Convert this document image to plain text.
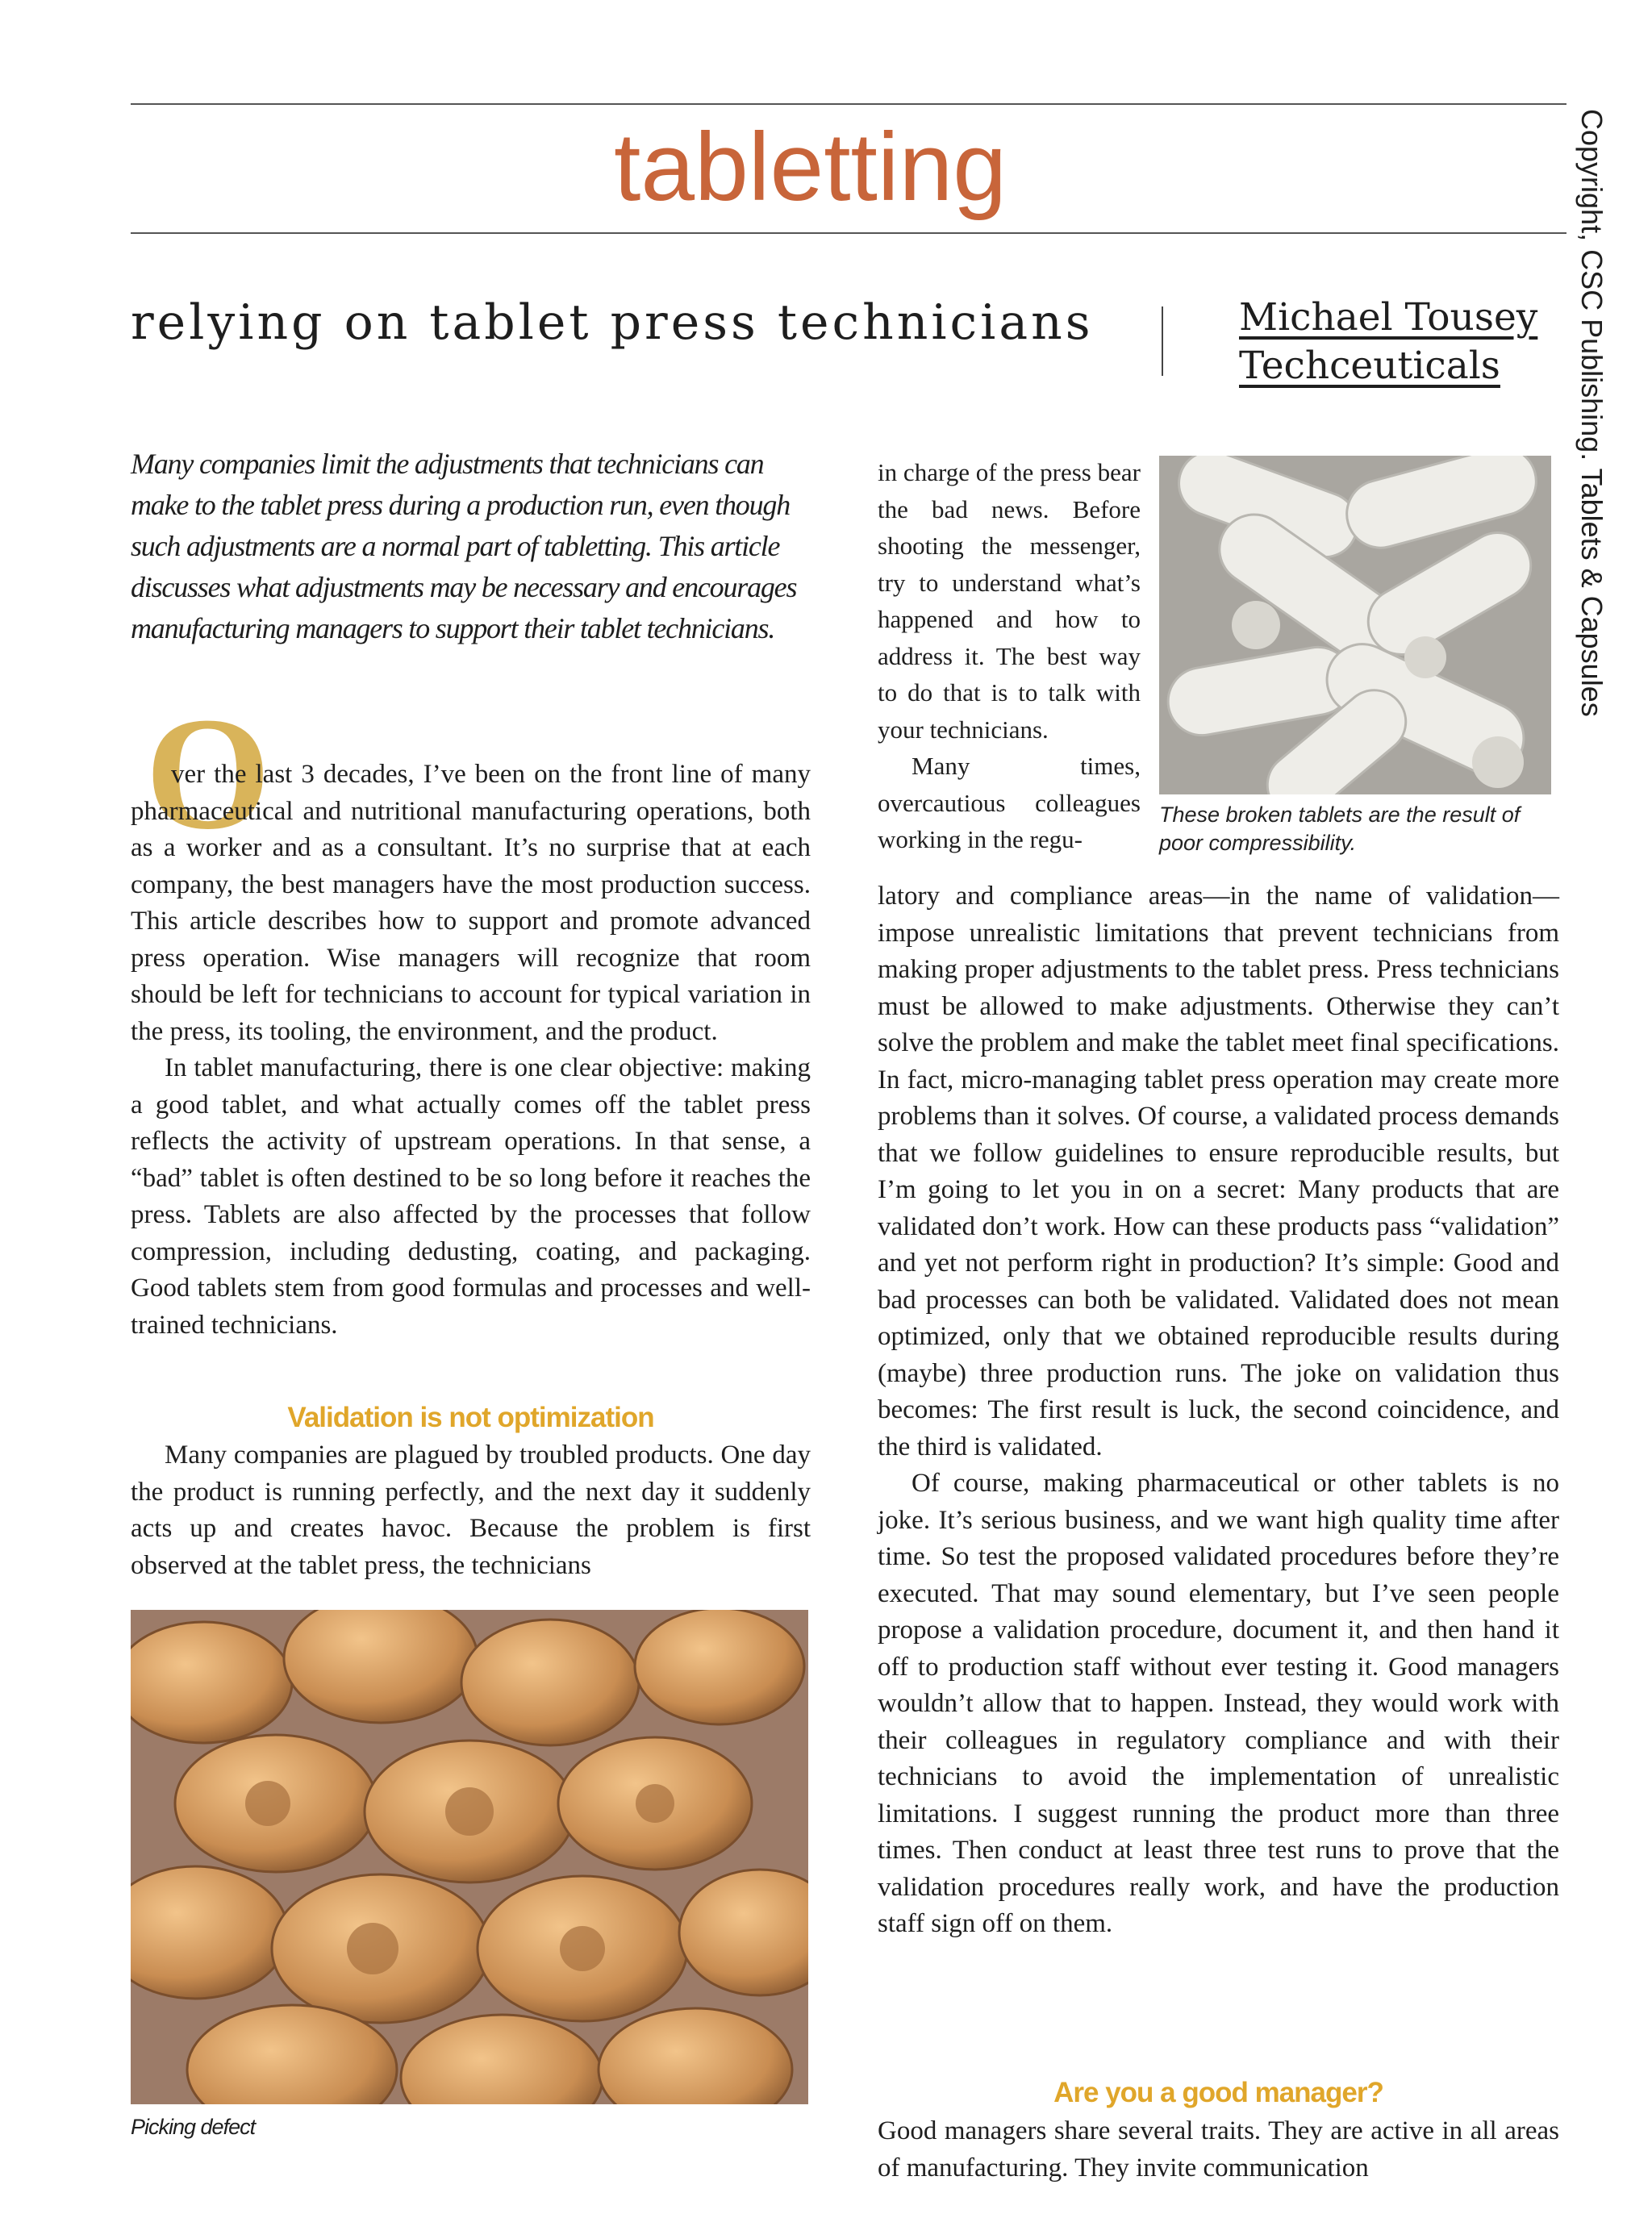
tabletting	Copyright, CSC Publishing. Tablets & Capsules
relying on tablet press technicians	Michael Tousey
Techceuticals
Many companies limit the adjustments that technicians can make to the tablet press during a production run, even though such adjustments are a normal part of tabletting. This article discusses what adjustments may be necessary and encourages manufacturing managers to support their tablet technicians.
O

ver the last 3 decades, I’ve been on the front line of many pharmaceutical and nutritional manufacturing operations, both as a worker and as a consultant. It’s no surprise that at each company, the best managers have the most production success. This article describes how to support and promote advanced press operation. Wise managers will recognize that room should be left for technicians to account for typical variation in the press, its tooling, the environment, and the product.

In tablet manufacturing, there is one clear objective: making a good tablet, and what actually comes off the tablet press reflects the activity of upstream operations. In that sense, a “bad” tablet is often destined to be so long before it reaches the press. Tablets are also affected by the processes that follow compression, including dedusting, coating, and packaging. Good tablets stem from good formulas and processes and well-trained technicians.

Validation is not optimization

Many companies are plagued by troubled products. One day the product is running perfectly, and the next day it suddenly acts up and creates havoc. Because the problem is first observed at the tablet press, the technicians

in charge of the press bear the bad news. Before shooting the messenger, try to understand what’s happened and how to address it. The best way to do that is to talk with your technicians.

Many times, overcautious colleagues working in the regu-

These broken tablets are the result of poor compressibility.

latory and compliance areas—in the name of validation—impose unrealistic limitations that prevent technicians from making proper adjustments to the tablet press. Press technicians must be allowed to make adjustments. Otherwise they can’t solve the problem and make the tablet meet final specifications. In fact, micro-managing tablet press operation may create more problems than it solves. Of course, a validated process demands that we follow guidelines to ensure reproducible results, but I’m going to let you in on a secret: Many products that are validated don’t work. How can these products pass “validation” and yet not perform right in production? It’s simple: Good and bad processes can both be validated. Validated does not mean optimized, only that we obtained reproducible results during (maybe) three production runs. The joke on validation thus becomes: The first result is luck, the second coincidence, and the third is validated.

Of course, making pharmaceutical or other tablets is no joke. It’s serious business, and we want high quality time after time. So test the proposed validated procedures before they’re executed. That may sound elementary, but I’ve seen people propose a validation procedure, document it, and then hand it off to production staff without ever testing it. Good managers wouldn’t allow that to happen. Instead, they would work with their colleagues in regulatory compliance and with their technicians to avoid the implementation of unrealistic limitations. I suggest running the product more than three times. Then conduct at least three test runs to prove that the validation procedures really work, and have the production staff sign off on them.

Picking defect
Are you a good manager?

Good managers share several traits. They are active in all areas of manufacturing. They invite communication
